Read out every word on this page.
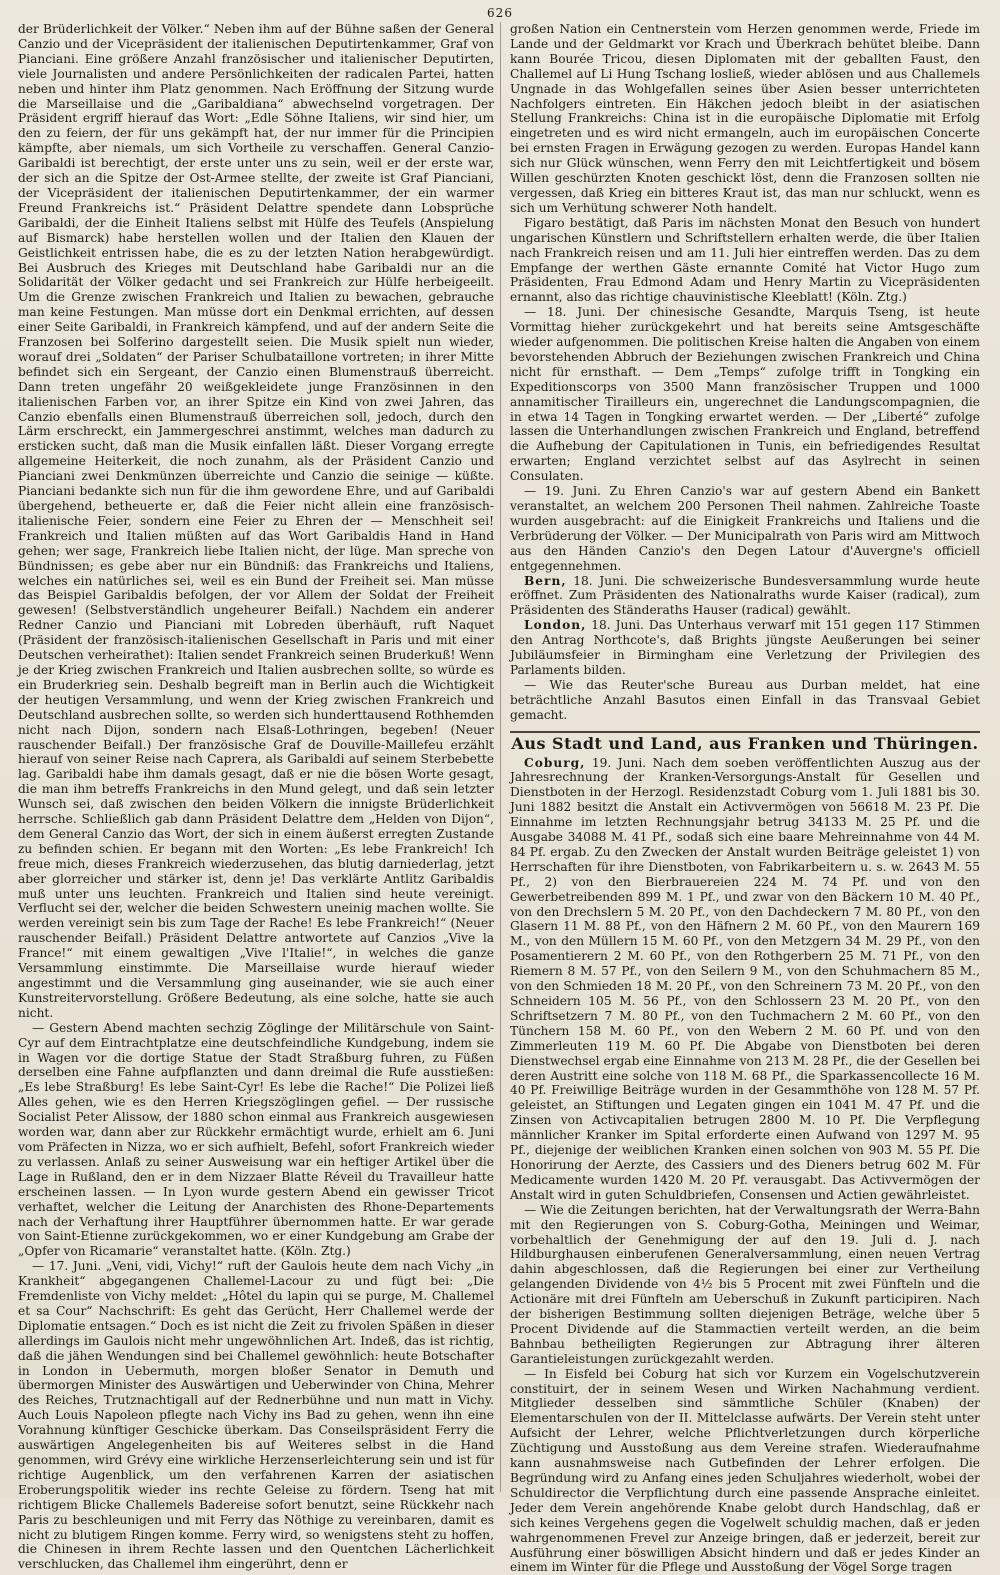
626

der Brüderlichkeit der Völker.“ Neben ihm auf der Bühne saßen der General Canzio und der Vicepräsident der italienischen Deputirtenkammer, Graf von Pianciani. Eine größere Anzahl französischer und italienischer Deputirten, viele Journalisten und andere Persönlichkeiten der radicalen Partei, hatten neben und hinter ihm Platz genommen. Nach Eröffnung der Sitzung wurde die Marseillaise und die „Garibaldiana“ abwechselnd vorgetragen. Der Präsident ergriff hierauf das Wort: „Edle Söhne Italiens, wir sind hier, um den zu feiern, der für uns gekämpft hat, der nur immer für die Principien kämpfte, aber niemals, um sich Vortheile zu verschaffen. General Canzio-Garibaldi ist berechtigt, der erste unter uns zu sein, weil er der erste war, der sich an die Spitze der Ost-Armee stellte, der zweite ist Graf Pianciani, der Vicepräsident der italienischen Deputirtenkammer, der ein warmer Freund Frankreichs ist.“ Präsident Delattre spendete dann Lobsprüche Garibaldi, der die Einheit Italiens selbst mit Hülfe des Teufels (Anspielung auf Bismarck) habe herstellen wollen und der Italien den Klauen der Geistlichkeit entrissen habe, die es zu der letzten Nation herabgewürdigt. Bei Ausbruch des Krieges mit Deutschland habe Garibaldi nur an die Solidarität der Völker gedacht und sei Frankreich zur Hülfe herbeigeeilt. Um die Grenze zwischen Frankreich und Italien zu bewachen, gebrauche man keine Festungen. Man müsse dort ein Denkmal errichten, auf dessen einer Seite Garibaldi, in Frankreich kämpfend, und auf der andern Seite die Franzosen bei Solferino dargestellt seien. Die Musik spielt nun wieder, worauf drei „Soldaten“ der Pariser Schulbataillone vortreten; in ihrer Mitte befindet sich ein Sergeant, der Canzio einen Blumenstrauß überreicht. Dann treten ungefähr 20 weißgekleidete junge Französinnen in den italienischen Farben vor, an ihrer Spitze ein Kind von zwei Jahren, das Canzio ebenfalls einen Blumenstrauß überreichen soll, jedoch, durch den Lärm erschreckt, ein Jammergeschrei anstimmt, welches man dadurch zu ersticken sucht, daß man die Musik einfallen läßt. Dieser Vorgang erregte allgemeine Heiterkeit, die noch zunahm, als der Präsident Canzio und Pianciani zwei Denkmünzen überreichte und Canzio die seinige — küßte. Pianciani bedankte sich nun für die ihm gewordene Ehre, und auf Garibaldi übergehend, betheuerte er, daß die Feier nicht allein eine französisch-italienische Feier, sondern eine Feier zu Ehren der — Menschheit sei! Frankreich und Italien müßten auf das Wort Garibaldis Hand in Hand gehen; wer sage, Frankreich liebe Italien nicht, der lüge. Man spreche von Bündnissen; es gebe aber nur ein Bündniß: das Frankreichs und Italiens, welches ein natürliches sei, weil es ein Bund der Freiheit sei. Man müsse das Beispiel Garibaldis befolgen, der vor Allem der Soldat der Freiheit gewesen! (Selbstverständlich ungeheurer Beifall.) Nachdem ein anderer Redner Canzio und Pianciani mit Lobreden überhäuft, ruft Naquet (Präsident der französisch-italienischen Gesellschaft in Paris und mit einer Deutschen verheirathet): Italien sendet Frankreich seinen Bruderkuß! Wenn je der Krieg zwischen Frankreich und Italien ausbrechen sollte, so würde es ein Bruderkrieg sein. Deshalb begreift man in Berlin auch die Wichtigkeit der heutigen Versammlung, und wenn der Krieg zwischen Frankreich und Deutschland ausbrechen sollte, so werden sich hunderttausend Rothhemden nicht nach Dijon, sondern nach Elsaß-Lothringen, begeben! (Neuer rauschender Beifall.) Der französische Graf de Douville-Maillefeu erzählt hierauf von seiner Reise nach Caprera, als Garibaldi auf seinem Sterbebette lag. Garibaldi habe ihm damals gesagt, daß er nie die bösen Worte gesagt, die man ihm betreffs Frankreichs in den Mund gelegt, und daß sein letzter Wunsch sei, daß zwischen den beiden Völkern die innigste Brüderlichkeit herrsche. Schließlich gab dann Präsident Delattre dem „Helden von Dijon“, dem General Canzio das Wort, der sich in einem äußerst erregten Zustande zu befinden schien. Er begann mit den Worten: „Es lebe Frankreich! Ich freue mich, dieses Frankreich wiederzusehen, das blutig darniederlag, jetzt aber glorreicher und stärker ist, denn je! Das verklärte Antlitz Garibaldis muß unter uns leuchten. Frankreich und Italien sind heute vereinigt. Verflucht sei der, welcher die beiden Schwestern uneinig machen wollte. Sie werden vereinigt sein bis zum Tage der Rache! Es lebe Frankreich!“ (Neuer rauschender Beifall.) Präsident Delattre antwortete auf Canzios „Vive la France!“ mit einem gewaltigen „Vive l'Italie!“, in welches die ganze Versammlung einstimmte. Die Marseillaise wurde hierauf wieder angestimmt und die Versammlung ging auseinander, wie sie auch einer Kunstreitervorstellung. Größere Bedeutung, als eine solche, hatte sie auch nicht.

— Gestern Abend machten sechzig Zöglinge der Militärschule von Saint-Cyr auf dem Eintrachtplatze eine deutschfeindliche Kundgebung, indem sie in Wagen vor die dortige Statue der Stadt Straßburg fuhren, zu Füßen derselben eine Fahne aufpflanzten und dann dreimal die Rufe ausstießen: „Es lebe Straßburg! Es lebe Saint-Cyr! Es lebe die Rache!“ Die Polizei ließ Alles gehen, wie es den Herren Kriegszöglingen gefiel. — Der russische Socialist Peter Alissow, der 1880 schon einmal aus Frankreich ausgewiesen worden war, dann aber zur Rückkehr ermächtigt wurde, erhielt am 6. Juni vom Präfecten in Nizza, wo er sich aufhielt, Befehl, sofort Frankreich wieder zu verlassen. Anlaß zu seiner Ausweisung war ein heftiger Artikel über die Lage in Rußland, den er in dem Nizzaer Blatte Réveil du Travailleur hatte erscheinen lassen. — In Lyon wurde gestern Abend ein gewisser Tricot verhaftet, welcher die Leitung der Anarchisten des Rhone-Departements nach der Verhaftung ihrer Hauptführer übernommen hatte. Er war gerade von Saint-Etienne zurückgekommen, wo er einer Kundgebung am Grabe der „Opfer von Ricamarie“ veranstaltet hatte. (Köln. Ztg.)

— 17. Juni. „Veni, vidi, Vichy!“ ruft der Gaulois heute dem nach Vichy „in Krankheit“ abgegangenen Challemel-Lacour zu und fügt bei: „Die Fremdenliste von Vichy meldet: „Hôtel du lapin qui se purge, M. Challemel et sa Cour“ Nachschrift: Es geht das Gerücht, Herr Challemel werde der Diplomatie entsagen.“ Doch es ist nicht die Zeit zu frivolen Späßen in dieser allerdings im Gaulois nicht mehr ungewöhnlichen Art. Indeß, das ist richtig, daß die jähen Wendungen sind bei Challemel gewöhnlich: heute Botschafter in London in Uebermuth, morgen bloßer Senator in Demuth und übermorgen Minister des Auswärtigen und Ueberwinder von China, Mehrer des Reiches, Trutznachtigall auf der Rednerbühne und nun matt in Vichy. Auch Louis Napoleon pflegte nach Vichy ins Bad zu gehen, wenn ihn eine Vorahnung künftiger Geschicke überkam. Das Conseilspräsident Ferry die auswärtigen Angelegenheiten bis auf Weiteres selbst in die Hand genommen, wird Grévy eine wirkliche Herzenserleichterung sein und ist für richtige Augenblick, um den verfahrenen Karren der asiatischen Eroberungspolitik wieder ins rechte Geleise zu fördern. Tseng hat mit richtigem Blicke Challemels Badereise sofort benutzt, seine Rückkehr nach Paris zu beschleunigen und mit Ferry das Nöthige zu vereinbaren, damit es nicht zu blutigem Ringen komme. Ferry wird, so wenigstens steht zu hoffen, die Chinesen in ihrem Rechte lassen und den Quentchen Lächerlichkeit verschlucken, das Challemel ihm eingerührt, denn er

großen Nation ein Centnerstein vom Herzen genommen werde, Friede im Lande und der Geldmarkt vor Krach und Überkrach behütet bleibe. Dann kann Bourée Tricou, diesen Diplomaten mit der geballten Faust, den Challemel auf Li Hung Tschang losließ, wieder ablösen und aus Challemels Ungnade in das Wohlgefallen seines über Asien besser unterrichteten Nachfolgers eintreten. Ein Häkchen jedoch bleibt in der asiatischen Stellung Frankreichs: China ist in die europäische Diplomatie mit Erfolg eingetreten und es wird nicht ermangeln, auch im europäischen Concerte bei ernsten Fragen in Erwägung gezogen zu werden. Europas Handel kann sich nur Glück wünschen, wenn Ferry den mit Leichtfertigkeit und bösem Willen geschürzten Knoten geschickt löst, denn die Franzosen sollten nie vergessen, daß Krieg ein bitteres Kraut ist, das man nur schluckt, wenn es sich um Verhütung schwerer Noth handelt.

Figaro bestätigt, daß Paris im nächsten Monat den Besuch von hundert ungarischen Künstlern und Schriftstellern erhalten werde, die über Italien nach Frankreich reisen und am 11. Juli hier eintreffen werden. Das zu dem Empfange der werthen Gäste ernannte Comité hat Victor Hugo zum Präsidenten, Frau Edmond Adam und Henry Martin zu Vicepräsidenten ernannt, also das richtige chauvinistische Kleeblatt! (Köln. Ztg.)

— 18. Juni. Der chinesische Gesandte, Marquis Tseng, ist heute Vormittag hieher zurückgekehrt und hat bereits seine Amtsgeschäfte wieder aufgenommen. Die politischen Kreise halten die Angaben von einem bevorstehenden Abbruch der Beziehungen zwischen Frankreich und China nicht für ernsthaft. — Dem „Temps“ zufolge trifft in Tongking ein Expeditionscorps von 3500 Mann französischer Truppen und 1000 annamitischer Tirailleurs ein, ungerechnet die Landungscompagnien, die in etwa 14 Tagen in Tongking erwartet werden. — Der „Liberté“ zufolge lassen die Unterhandlungen zwischen Frankreich und England, betreffend die Aufhebung der Capitulationen in Tunis, ein befriedigendes Resultat erwarten; England verzichtet selbst auf das Asylrecht in seinen Consulaten.

— 19. Juni. Zu Ehren Canzio's war auf gestern Abend ein Bankett veranstaltet, an welchem 200 Personen Theil nahmen. Zahlreiche Toaste wurden ausgebracht: auf die Einigkeit Frankreichs und Italiens und die Verbrüderung der Völker. — Der Municipalrath von Paris wird am Mittwoch aus den Händen Canzio's den Degen Latour d'Auvergne's officiell entgegennehmen.

Bern, 18. Juni. Die schweizerische Bundesversammlung wurde heute eröffnet. Zum Präsidenten des Nationalraths wurde Kaiser (radical), zum Präsidenten des Ständeraths Hauser (radical) gewählt.

London, 18. Juni. Das Unterhaus verwarf mit 151 gegen 117 Stimmen den Antrag Northcote's, daß Brights jüngste Aeußerungen bei seiner Jubiläumsfeier in Birmingham eine Verletzung der Privilegien des Parlaments bilden.

— Wie das Reuter'sche Bureau aus Durban meldet, hat eine beträchtliche Anzahl Basutos einen Einfall in das Transvaal Gebiet gemacht.

Aus Stadt und Land, aus Franken und Thüringen.

Coburg, 19. Juni. Nach dem soeben veröffentlichten Auszug aus der Jahresrechnung der Kranken-Versorgungs-Anstalt für Gesellen und Dienstboten in der Herzogl. Residenzstadt Coburg vom 1. Juli 1881 bis 30. Juni 1882 besitzt die Anstalt ein Activvermögen von 56618 M. 23 Pf. Die Einnahme im letzten Rechnungsjahr betrug 34133 M. 25 Pf. und die Ausgabe 34088 M. 41 Pf., sodaß sich eine baare Mehreinnahme von 44 M. 84 Pf. ergab. Zu den Zwecken der Anstalt wurden Beiträge geleistet 1) von Herrschaften für ihre Dienstboten, von Fabrikarbeitern u. s. w. 2643 M. 55 Pf., 2) von den Bierbrauereien 224 M. 74 Pf. und von den Gewerbetreibenden 899 M. 1 Pf., und zwar von den Bäckern 10 M. 40 Pf., von den Drechslern 5 M. 20 Pf., von den Dachdeckern 7 M. 80 Pf., von den Glasern 11 M. 88 Pf., von den Häfnern 2 M. 60 Pf., von den Maurern 169 M., von den Müllern 15 M. 60 Pf., von den Metzgern 34 M. 29 Pf., von den Posamentierern 2 M. 60 Pf., von den Rothgerbern 25 M. 71 Pf., von den Riemern 8 M. 57 Pf., von den Seilern 9 M., von den Schuhmachern 85 M., von den Schmieden 18 M. 20 Pf., von den Schreinern 73 M. 20 Pf., von den Schneidern 105 M. 56 Pf., von den Schlossern 23 M. 20 Pf., von den Schriftsetzern 7 M. 80 Pf., von den Tuchmachern 2 M. 60 Pf., von den Tünchern 158 M. 60 Pf., von den Webern 2 M. 60 Pf. und von den Zimmerleuten 119 M. 60 Pf. Die Abgabe von Dienstboten bei deren Dienstwechsel ergab eine Einnahme von 213 M. 28 Pf., die der Gesellen bei deren Austritt eine solche von 118 M. 68 Pf., die Sparkassencollecte 16 M. 40 Pf. Freiwillige Beiträge wurden in der Gesammthöhe von 128 M. 57 Pf. geleistet, an Stiftungen und Legaten gingen ein 1041 M. 47 Pf. und die Zinsen von Activcapitalien betrugen 2800 M. 10 Pf. Die Verpflegung männlicher Kranker im Spital erforderte einen Aufwand von 1297 M. 95 Pf., diejenige der weiblichen Kranken einen solchen von 903 M. 55 Pf. Die Honorirung der Aerzte, des Cassiers und des Dieners betrug 602 M. Für Medicamente wurden 1420 M. 20 Pf. verausgabt. Das Activvermögen der Anstalt wird in guten Schuldbriefen, Consensen und Actien gewährleistet.

— Wie die Zeitungen berichten, hat der Verwaltungsrath der Werra-Bahn mit den Regierungen von S. Coburg-Gotha, Meiningen und Weimar, vorbehaltlich der Genehmigung der auf den 19. Juli d. J. nach Hildburghausen einberufenen Generalversammlung, einen neuen Vertrag dahin abgeschlossen, daß die Regierungen bei einer zur Vertheilung gelangenden Dividende von 4½ bis 5 Procent mit zwei Fünfteln und die Actionäre mit drei Fünfteln am Ueberschuß in Zukunft participiren. Nach der bisherigen Bestimmung sollten diejenigen Beträge, welche über 5 Procent Dividende auf die Stammactien verteilt werden, an die beim Bahnbau betheiligten Regierungen zur Abtragung ihrer älteren Garantieleistungen zurückgezahlt werden.

— In Eisfeld bei Coburg hat sich vor Kurzem ein Vogelschutzverein constituirt, der in seinem Wesen und Wirken Nachahmung verdient. Mitglieder desselben sind sämmtliche Schüler (Knaben) der Elementarschulen von der II. Mittelclasse aufwärts. Der Verein steht unter Aufsicht der Lehrer, welche Pflichtverletzungen durch körperliche Züchtigung und Ausstoßung aus dem Vereine strafen. Wiederaufnahme kann ausnahmsweise nach Gutbefinden der Lehrer erfolgen. Die Begründung wird zu Anfang eines jeden Schuljahres wiederholt, wobei der Schuldirector die Verpflichtung durch eine passende Ansprache einleitet. Jeder dem Verein angehörende Knabe gelobt durch Handschlag, daß er sich keines Vergehens gegen die Vogelwelt schuldig machen, daß er jeden wahrgenommenen Frevel zur Anzeige bringen, daß er jederzeit, bereit zur Ausführung einer böswilligen Absicht hindern und daß er jedes Kinder an einem im Winter für die Pflege und Ausstoßung der Vögel Sorge tragen
